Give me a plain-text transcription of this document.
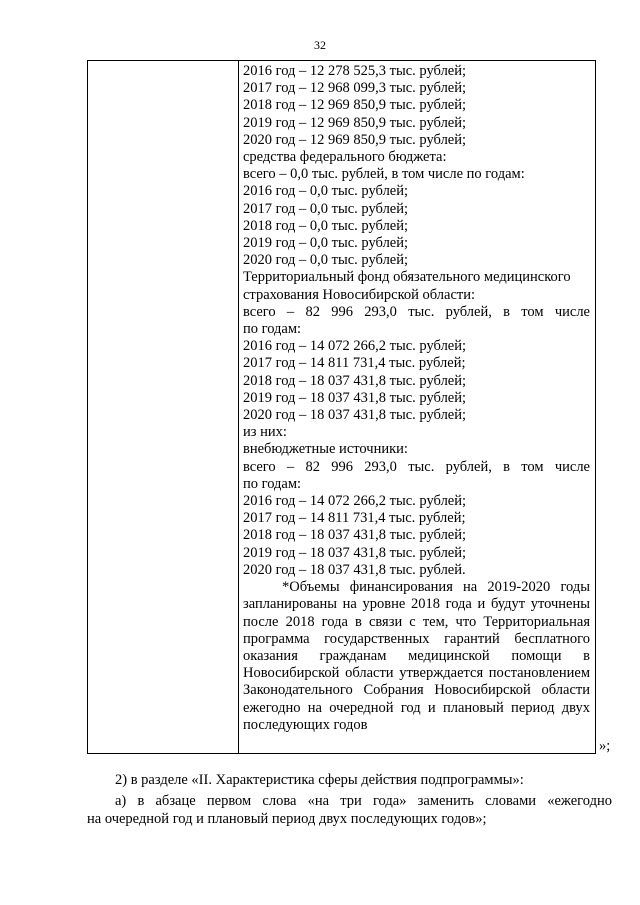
32
2016 год – 12 278 525,3 тыс. рублей;
2017 год – 12 968 099,3 тыс. рублей;
2018 год – 12 969 850,9 тыс. рублей;
2019 год – 12 969 850,9 тыс. рублей;
2020 год – 12 969 850,9 тыс. рублей;
средства федерального бюджета:
всего – 0,0 тыс. рублей, в том числе по годам:
2016 год – 0,0 тыс. рублей;
2017 год – 0,0 тыс. рублей;
2018 год – 0,0 тыс. рублей;
2019 год – 0,0 тыс. рублей;
2020 год – 0,0 тыс. рублей;
Территориальный фонд обязательного медицинского
страхования Новосибирской области:
всего – 82 996 293,0 тыс. рублей, в том числе
по годам:
2016 год – 14 072 266,2 тыс. рублей;
2017 год – 14 811 731,4 тыс. рублей;
2018 год – 18 037 431,8 тыс. рублей;
2019 год – 18 037 431,8 тыс. рублей;
2020 год – 18 037 431,8 тыс. рублей;
из них:
внебюджетные источники:
всего – 82 996 293,0 тыс. рублей, в том числе
по годам:
2016 год – 14 072 266,2 тыс. рублей;
2017 год – 14 811 731,4 тыс. рублей;
2018 год – 18 037 431,8 тыс. рублей;
2019 год – 18 037 431,8 тыс. рублей;
2020 год – 18 037 431,8 тыс. рублей.
*Объемы финансирования на 2019-2020 годы запланированы на уровне 2018 года и будут уточнены после 2018 года в связи с тем, что Территориальная программа государственных гарантий бесплатного оказания гражданам медицинской помощи в Новосибирской области утверждается постановлением Законодательного Собрания Новосибирской области ежегодно на очередной год и плановый период двух последующих годов
»;
2) в разделе «II. Характеристика сферы действия подпрограммы»:
а) в абзаце первом слова «на три года» заменить словами «ежегодно
на очередной год и плановый период двух последующих годов»;
